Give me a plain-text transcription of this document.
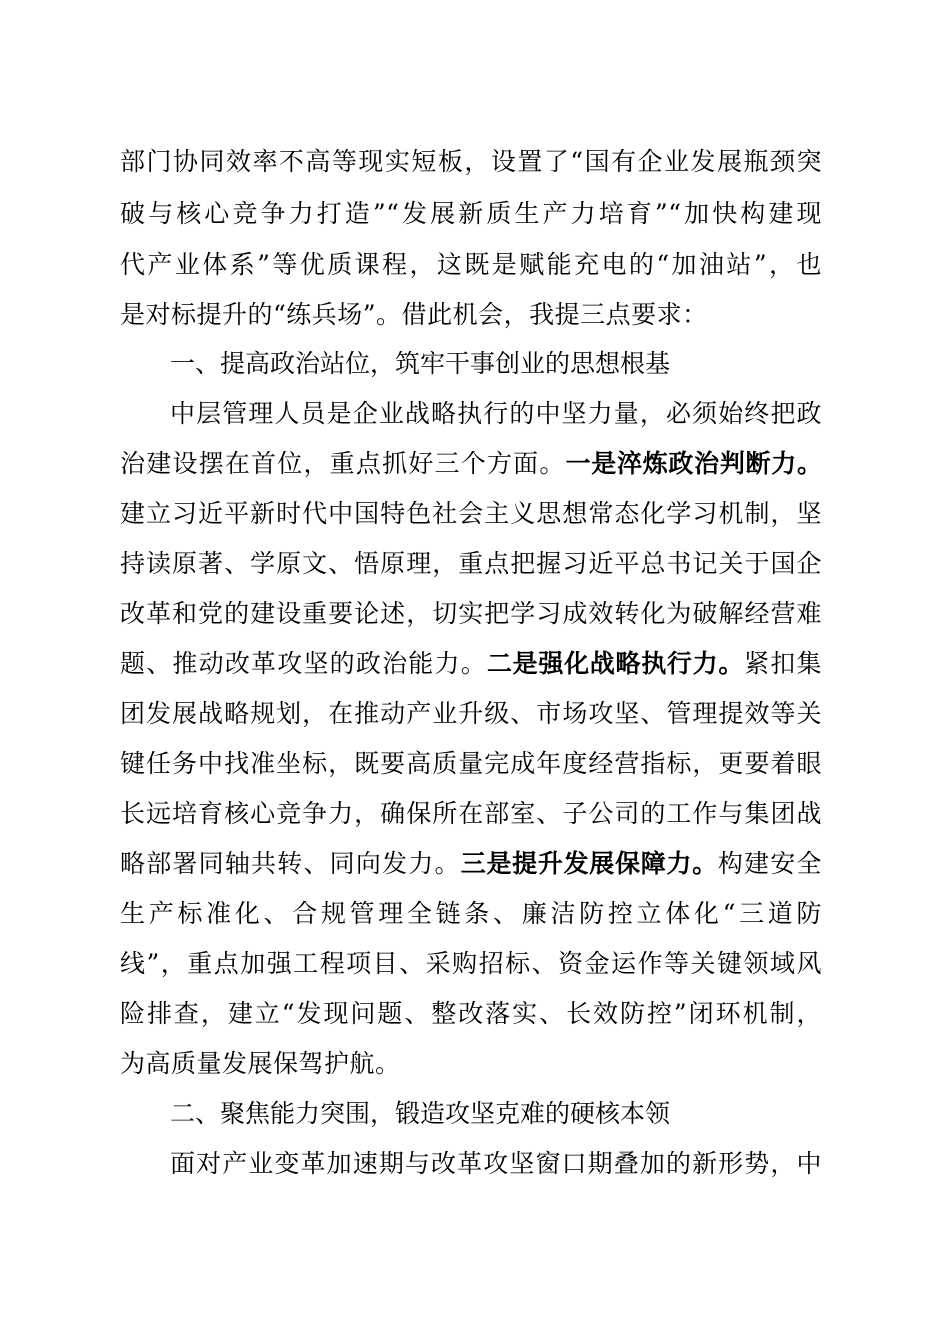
部门协同效率不高等现实短板，设置了“国有企业发展瓶颈突
破与核心竞争力打造”“发展新质生产力培育”“加快构建现
代产业体系”等优质课程，这既是赋能充电的“加油站”，也
是对标提升的“练兵场”。借此机会，我提三点要求：
一、提高政治站位，筑牢干事创业的思想根基
中层管理人员是企业战略执行的中坚力量，必须始终把政
治建设摆在首位，重点抓好三个方面。一是淬炼政治判断力。
建立习近平新时代中国特色社会主义思想常态化学习机制，坚
持读原著、学原文、悟原理，重点把握习近平总书记关于国企
改革和党的建设重要论述，切实把学习成效转化为破解经营难
题、推动改革攻坚的政治能力。二是强化战略执行力。紧扣集
团发展战略规划，在推动产业升级、市场攻坚、管理提效等关
键任务中找准坐标，既要高质量完成年度经营指标，更要着眼
长远培育核心竞争力，确保所在部室、子公司的工作与集团战
略部署同轴共转、同向发力。三是提升发展保障力。构建安全
生产标准化、合规管理全链条、廉洁防控立体化“三道防
线”，重点加强工程项目、采购招标、资金运作等关键领域风
险排查，建立“发现问题、整改落实、长效防控”闭环机制，
为高质量发展保驾护航。
二、聚焦能力突围，锻造攻坚克难的硬核本领
面对产业变革加速期与改革攻坚窗口期叠加的新形势，中
